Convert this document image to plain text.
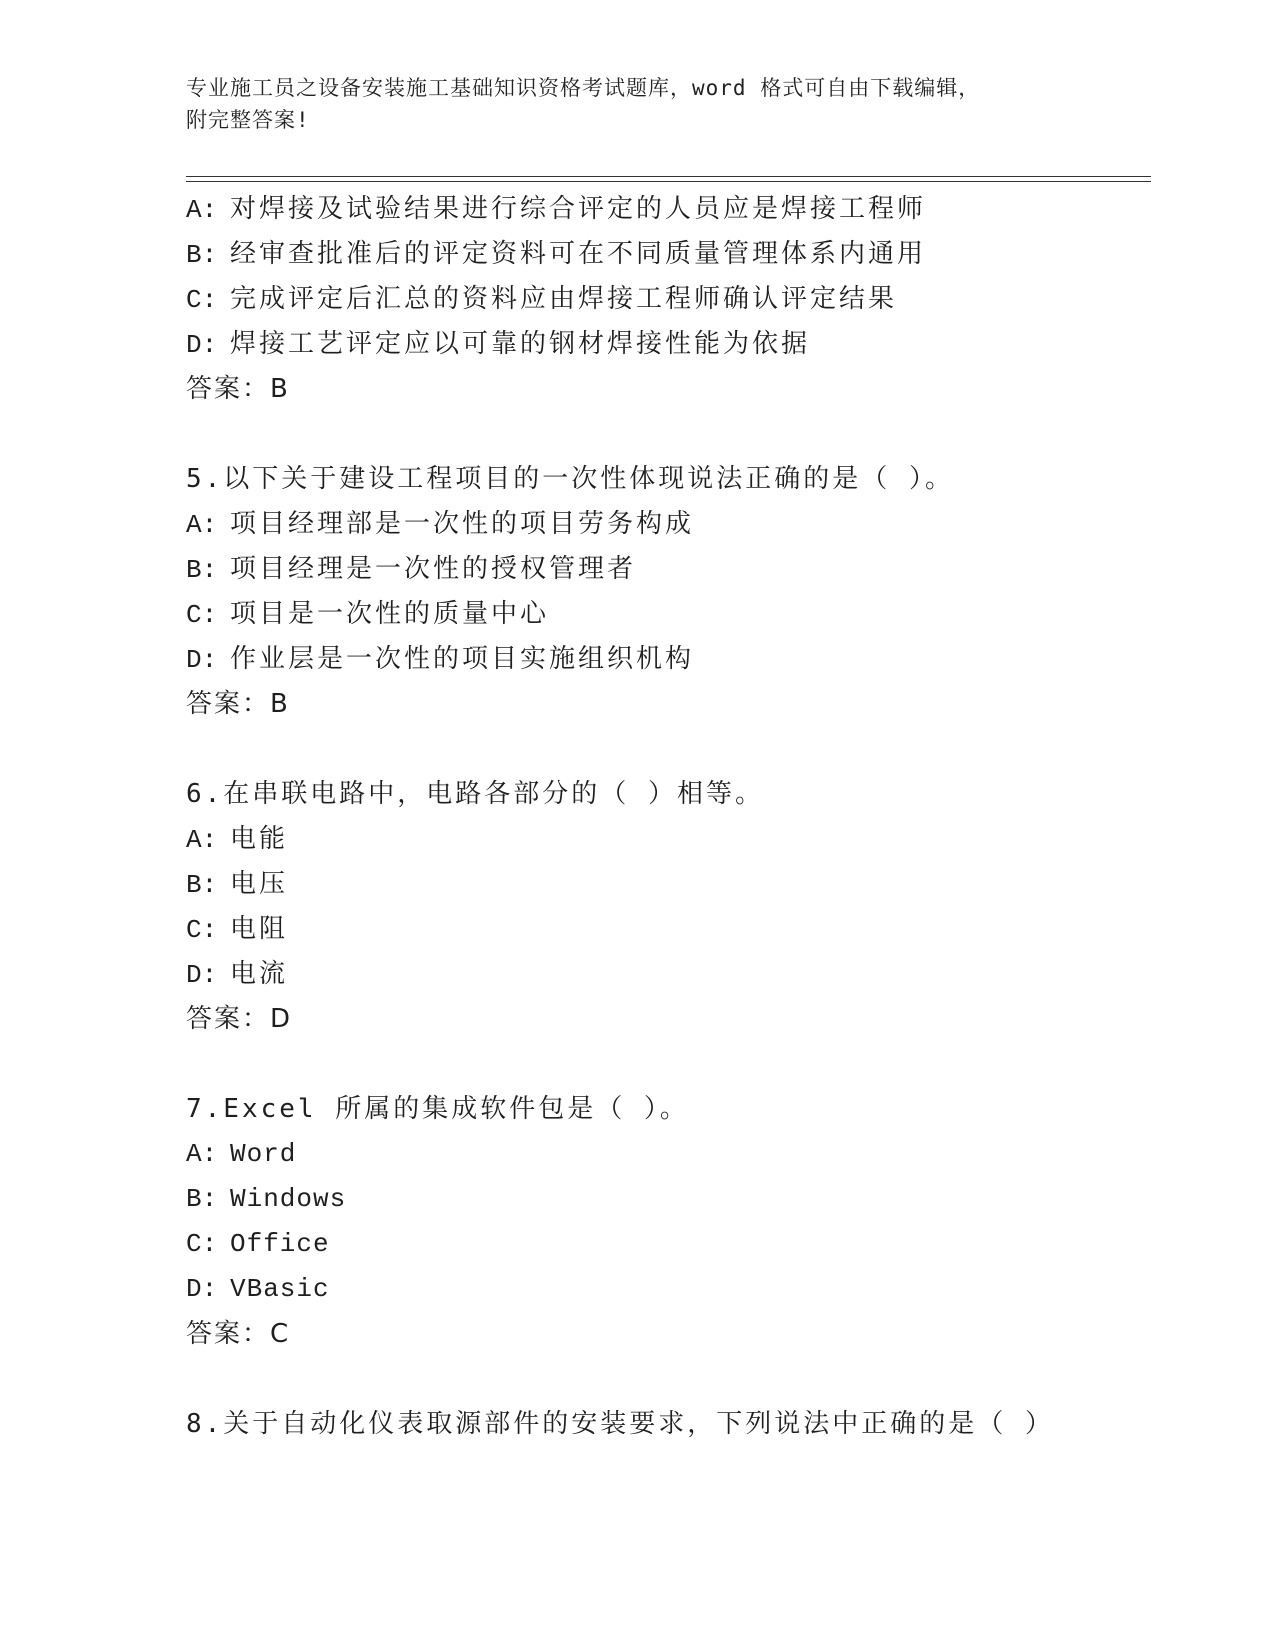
专业施工员之设备安装施工基础知识资格考试题库，word 格式可自由下载编辑，
附完整答案!
A: 对焊接及试验结果进行综合评定的人员应是焊接工程师
B: 经审查批准后的评定资料可在不同质量管理体系内通用
C: 完成评定后汇总的资料应由焊接工程师确认评定结果
D: 焊接工艺评定应以可靠的钢材焊接性能为依据
答案：B
5.以下关于建设工程项目的一次性体现说法正确的是（ ）。
A: 项目经理部是一次性的项目劳务构成
B: 项目经理是一次性的授权管理者
C: 项目是一次性的质量中心
D: 作业层是一次性的项目实施组织机构
答案：B
6.在串联电路中，电路各部分的（ ）相等。
A: 电能
B: 电压
C: 电阻
D: 电流
答案：D
7.Excel 所属的集成软件包是（ ）。
A: Word
B: Windows
C: Office
D: VBasic
答案：C
8.关于自动化仪表取源部件的安装要求，下列说法中正确的是（ ）
